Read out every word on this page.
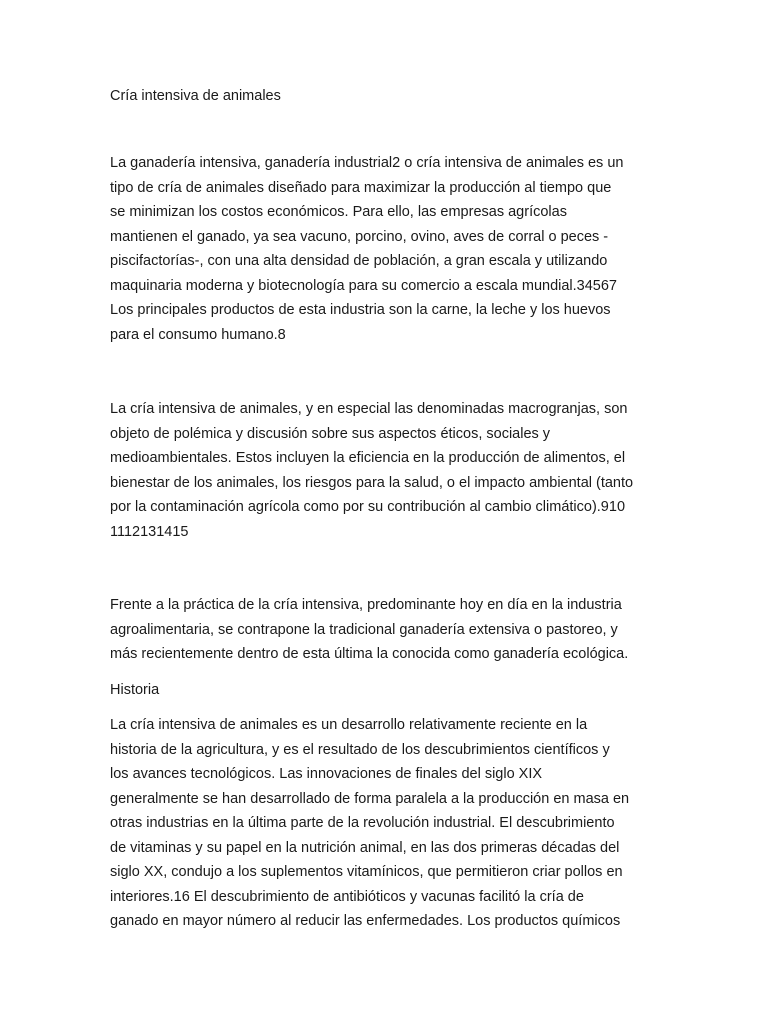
Cría intensiva de animales

La ganadería intensiva, ganadería industrial2 o cría intensiva de animales es un
tipo de cría de animales diseñado para maximizar la producción al tiempo que
se minimizan los costos económicos. Para ello, las empresas agrícolas
mantienen el ganado, ya sea vacuno, porcino, ovino, aves de corral o peces -
piscifactorías-, con una alta densidad de población, a gran escala y utilizando
maquinaria moderna y biotecnología para su comercio a escala mundial.34567
Los principales productos de esta industria son la carne, la leche y los huevos
para el consumo humano.8

La cría intensiva de animales, y en especial las denominadas macrogranjas, son
objeto de polémica y discusión sobre sus aspectos éticos, sociales y
medioambientales. Estos incluyen la eficiencia en la producción de alimentos, el
bienestar de los animales, los riesgos para la salud, o el impacto ambiental (tanto
por la contaminación agrícola como por su contribución al cambio climático).910
1112131415

Frente a la práctica de la cría intensiva, predominante hoy en día en la industria
agroalimentaria, se contrapone la tradicional ganadería extensiva o pastoreo, y
más recientemente dentro de esta última la conocida como ganadería ecológica.

Historia

La cría intensiva de animales es un desarrollo relativamente reciente en la
historia de la agricultura, y es el resultado de los descubrimientos científicos y
los avances tecnológicos. Las innovaciones de finales del siglo XIX
generalmente se han desarrollado de forma paralela a la producción en masa en
otras industrias en la última parte de la revolución industrial. El descubrimiento
de vitaminas y su papel en la nutrición animal, en las dos primeras décadas del
siglo XX, condujo a los suplementos vitamínicos, que permitieron criar pollos en
interiores.16 El descubrimiento de antibióticos y vacunas facilitó la cría de
ganado en mayor número al reducir las enfermedades. Los productos químicos
